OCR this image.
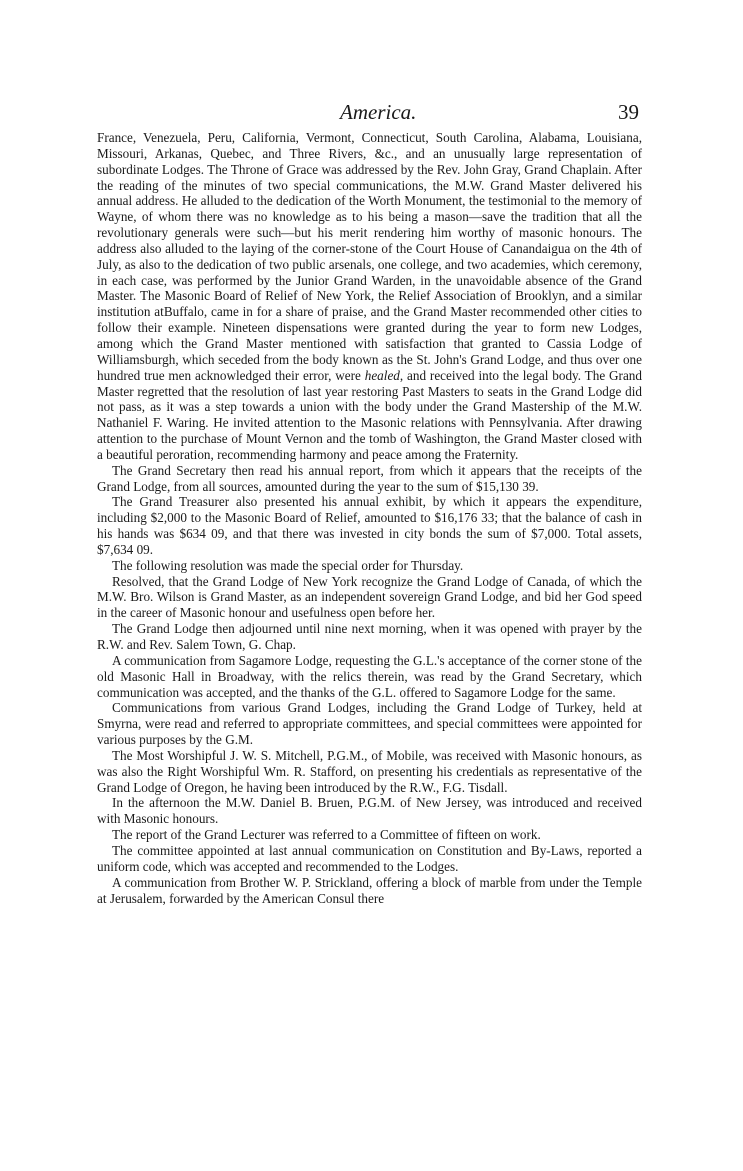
America.	39

France, Venezuela, Peru, California, Vermont, Connecticut, South Carolina, Alabama, Louisiana, Missouri, Arkanas, Quebec, and Three Rivers, &c., and an unusually large representation of subordinate Lodges. The Throne of Grace was addressed by the Rev. John Gray, Grand Chaplain. After the reading of the minutes of two special communications, the M.W. Grand Master delivered his annual address. He alluded to the dedication of the Worth Monument, the testimonial to the memory of Wayne, of whom there was no knowledge as to his being a mason—save the tradition that all the revolutionary generals were such—but his merit rendering him worthy of masonic honours. The address also alluded to the laying of the corner-stone of the Court House of Canandaigua on the 4th of July, as also to the dedication of two public arsenals, one college, and two academies, which ceremony, in each case, was performed by the Junior Grand Warden, in the unavoidable absence of the Grand Master. The Masonic Board of Relief of New York, the Relief Association of Brooklyn, and a similar institution atBuffalo, came in for a share of praise, and the Grand Master recommended other cities to follow their example. Nineteen dispensations were granted during the year to form new Lodges, among which the Grand Master mentioned with satisfaction that granted to Cassia Lodge of Williamsburgh, which seceded from the body known as the St. John's Grand Lodge, and thus over one hundred true men acknowledged their error, were healed, and received into the legal body. The Grand Master regretted that the resolution of last year restoring Past Masters to seats in the Grand Lodge did not pass, as it was a step towards a union with the body under the Grand Mastership of the M.W. Nathaniel F. Waring. He invited attention to the Masonic relations with Pennsylvania. After drawing attention to the purchase of Mount Vernon and the tomb of Washington, the Grand Master closed with a beautiful peroration, recommending harmony and peace among the Fraternity.

The Grand Secretary then read his annual report, from which it appears that the receipts of the Grand Lodge, from all sources, amounted during the year to the sum of $15,130 39.

The Grand Treasurer also presented his annual exhibit, by which it appears the expenditure, including $2,000 to the Masonic Board of Relief, amounted to $16,176 33; that the balance of cash in his hands was $634 09, and that there was invested in city bonds the sum of $7,000. Total assets, $7,634 09.

The following resolution was made the special order for Thursday.

Resolved, that the Grand Lodge of New York recognize the Grand Lodge of Canada, of which the M.W. Bro. Wilson is Grand Master, as an independent sovereign Grand Lodge, and bid her God speed in the career of Masonic honour and usefulness open before her.

The Grand Lodge then adjourned until nine next morning, when it was opened with prayer by the R.W. and Rev. Salem Town, G. Chap.

A communication from Sagamore Lodge, requesting the G.L.'s acceptance of the corner stone of the old Masonic Hall in Broadway, with the relics therein, was read by the Grand Secretary, which communication was accepted, and the thanks of the G.L. offered to Sagamore Lodge for the same.

Communications from various Grand Lodges, including the Grand Lodge of Turkey, held at Smyrna, were read and referred to appropriate committees, and special committees were appointed for various purposes by the G.M.

The Most Worshipful J. W. S. Mitchell, P.G.M., of Mobile, was received with Masonic honours, as was also the Right Worshipful Wm. R. Stafford, on presenting his credentials as representative of the Grand Lodge of Oregon, he having been introduced by the R.W., F.G. Tisdall.

In the afternoon the M.W. Daniel B. Bruen, P.G.M. of New Jersey, was introduced and received with Masonic honours.

The report of the Grand Lecturer was referred to a Committee of fifteen on work.

The committee appointed at last annual communication on Constitution and By-Laws, reported a uniform code, which was accepted and recommended to the Lodges.

A communication from Brother W. P. Strickland, offering a block of marble from under the Temple at Jerusalem, forwarded by the American Consul there
